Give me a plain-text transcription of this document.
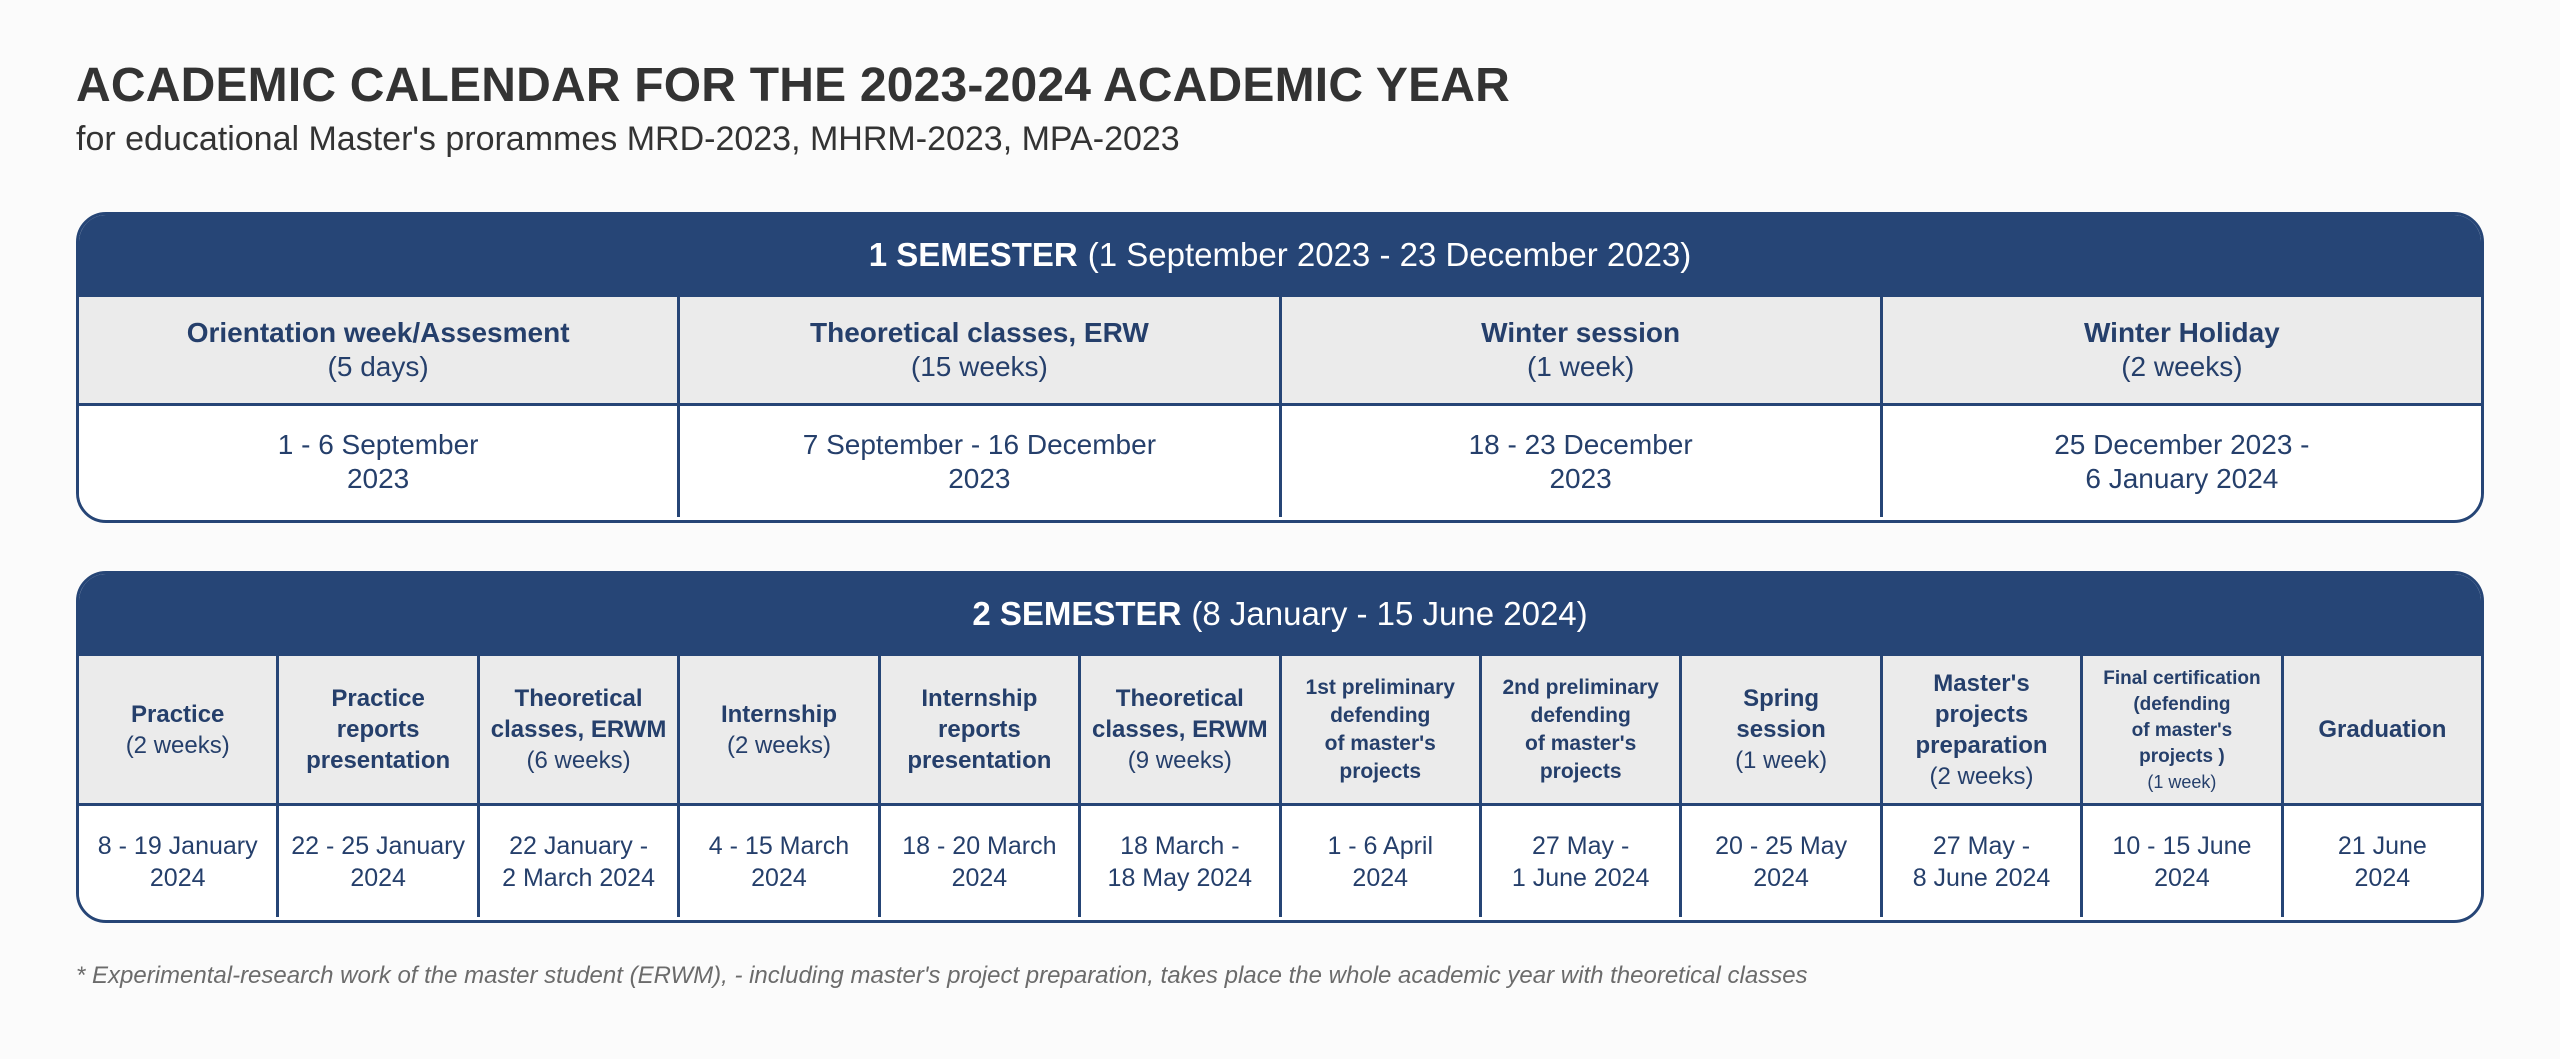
ACADEMIC CALENDAR FOR THE 2023-2024 ACADEMIC YEAR
for educational Master's prorammes MRD-2023, MHRM-2023, MPA-2023
1 SEMESTER (1 September 2023 - 23 December 2023)
Orientation week/Assesment
(5 days)
Theoretical classes, ERW
(15 weeks)
Winter session
(1 week)
Winter Holiday
(2 weeks)
1 - 6 September
2023
7 September - 16 December
2023
18 - 23 December
2023
25 December 2023 -
6 January 2024
2 SEMESTER (8 January - 15 June 2024)
Practice
(2 weeks)
Practice
reports
presentation
Theoretical
classes, ERWM
(6 weeks)
Internship
(2 weeks)
Internship
reports
presentation
Theoretical
classes, ERWM
(9 weeks)
1st preliminary
defending
of master's
projects
2nd preliminary
defending
of master's
projects
Spring
session
(1 week)
Master's
projects
preparation
(2 weeks)
Final certification
(defending
of master's
projects )
(1 week)
Graduation
8 - 19 January
2024
22 - 25 January
2024
22 January -
2 March 2024
4 - 15 March
2024
18 - 20 March
2024
18 March -
18 May 2024
1 - 6 April
2024
27 May -
1 June 2024
20 - 25 May
2024
27 May -
8 June 2024
10 - 15 June
2024
21 June
2024
* Experimental-research work of the master student (ERWM), - including master's project preparation, takes place the whole academic year with theoretical classes
